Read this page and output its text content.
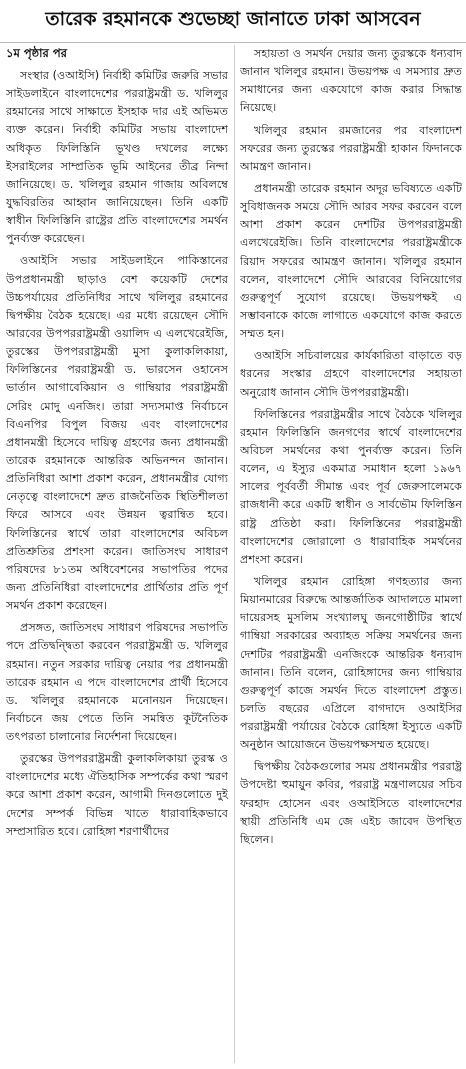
তারেক রহমানকে শুভেচ্ছা জানাতে ঢাকা আসবেন
১ম পৃষ্ঠার পর

সংস্থার (ওআইসি) নির্বাহী কমিটির জরুরি সভার সাইডলাইনে বাংলাদেশের পররাষ্ট্রমন্ত্রী ড. খলিলুর রহমানের সাথে সাক্ষাতে ইসহাক দার এই অভিমত ব্যক্ত করেন। নির্বাহী কমিটির সভায় বাংলাদেশ অধিকৃত ফিলিস্তিনি ভূখণ্ড দখলের লক্ষ্যে ইসরাইলের সাম্প্রতিক ভূমি আইনের তীব্র নিন্দা জানিয়েছে। ড. খলিলুর রহমান গাজায় অবিলম্বে যুদ্ধবিরতির আহ্বান জানিয়েছেন। তিনি একটি স্বাধীন ফিলিস্তিনি রাষ্ট্রের প্রতি বাংলাদেশের সমর্থন পুনর্ব্যক্ত করেছেন।

ওআইসি সভার সাইডলাইনে পাকিস্তানের উপপ্রধানমন্ত্রী ছাড়াও বেশ কয়েকটি দেশের উচ্চপর্যায়ের প্রতিনিধির সাথে খলিলুর রহমানের দ্বিপক্ষীয় বৈঠক হয়েছে। এর মধ্যে রয়েছেন সৌদি আরবের উপপররাষ্ট্রমন্ত্রী ওয়ালিদ এ এলখেরেইজি, তুরস্কের উপপররাষ্ট্রমন্ত্রী মুসা কুলাকলিকায়া, ফিলিস্তিনের পররাষ্ট্রমন্ত্রী ড. ভারসেন ওহানেস ভার্তান আগাবেকিয়ান ও গাম্বিয়ার পররাষ্ট্রমন্ত্রী সেরিং মোদু এনজিং। তারা সদ্যসমাপ্ত নির্বাচনে বিএনপির বিপুল বিজয় এবং বাংলাদেশের প্রধানমন্ত্রী হিসেবে দায়িত্ব গ্রহণের জন্য প্রধানমন্ত্রী তারেক রহমানকে আন্তরিক অভিনন্দন জানান। প্রতিনিধিরা আশা প্রকাশ করেন, প্রধানমন্ত্রীর যোগ্য নেতৃত্বে বাংলাদেশে দ্রুত রাজনৈতিক স্থিতিশীলতা ফিরে আসবে এবং উন্নয়ন ত্বরান্বিত হবে। ফিলিস্তিনের স্বার্থে তারা বাংলাদেশের অবিচল প্রতিশ্রুতির প্রশংসা করেন। জাতিসংঘ সাধারণ পরিষদের ৮১তম অধিবেশনের সভাপতির পদের জন্য প্রতিনিধিরা বাংলাদেশের প্রার্থিতার প্রতি পূর্ণ সমর্থন প্রকাশ করেছেন।

প্রসঙ্গত, জাতিসংঘ সাধারণ পরিষদের সভাপতি পদে প্রতিদ্বন্দ্বিতা করবেন পররাষ্ট্রমন্ত্রী ড. খলিলুর রহমান। নতুন সরকার দায়িত্ব নেয়ার পর প্রধানমন্ত্রী তারেক রহমান এ পদে বাংলাদেশের প্রার্থী হিসেবে ড. খলিলুর রহমানকে মনোনয়ন দিয়েছেন। নির্বাচনে জয় পেতে তিনি সমন্বিত কূটনৈতিক তৎপরতা চালানোর নির্দেশনা দিয়েছেন।

তুরস্কের উপপররাষ্ট্রমন্ত্রী কুলাকলিকায়া তুরস্ক ও বাংলাদেশের মধ্যে ঐতিহাসিক সম্পর্কের কথা স্মরণ করে আশা প্রকাশ করেন, আগামী দিনগুলোতে দুই দেশের সম্পর্ক বিভিন্ন খাতে ধারাবাহিকভাবে সম্প্রসারিত হবে। রোহিঙ্গা শরণার্থীদের

সহায়তা ও সমর্থন দেয়ার জন্য তুরস্ককে ধন্যবাদ জানান খলিলুর রহমান। উভয়পক্ষ এ সমস্যার দ্রুত সমাধানের জন্য একযোগে কাজ করার সিদ্ধান্ত নিয়েছে।

খলিলুর রহমান রমজানের পর বাংলাদেশ সফরের জন্য তুরস্কের পররাষ্ট্রমন্ত্রী হাকান ফিদানকে আমন্ত্রণ জানান।

প্রধানমন্ত্রী তারেক রহমান অদূর ভবিষ্যতে একটি সুবিধাজনক সময়ে সৌদি আরব সফর করবেন বলে আশা প্রকাশ করেন দেশটির উপপররাষ্ট্রমন্ত্রী এলখেরেইজি। তিনি বাংলাদেশের পররাষ্ট্রমন্ত্রীকে রিয়াদ সফরের আমন্ত্রণ জানান। খলিলুর রহমান বলেন, বাংলাদেশে সৌদি আরবের বিনিয়োগের গুরুত্বপূর্ণ সুযোগ রয়েছে। উভয়পক্ষই এ সম্ভাবনাকে কাজে লাগাতে একযোগে কাজ করতে সম্মত হন।

ওআইসি সচিবালয়ের কার্যকারিতা বাড়াতে বড় ধরনের সংস্কার গ্রহণে বাংলাদেশের সহায়তা অনুরোধ জানান সৌদি উপপররাষ্ট্রমন্ত্রী।

ফিলিস্তিনের পররাষ্ট্রমন্ত্রীর সাথে বৈঠকে খলিলুর রহমান ফিলিস্তিনি জনগণের স্বার্থে বাংলাদেশের অবিচল সমর্থনের কথা পুনর্ব্যক্ত করেন। তিনি বলেন, এ ইস্যুর একমাত্র সমাধান হলো ১৯৬৭ সালের পূর্ববর্তী সীমান্ত এবং পূর্ব জেরুসালেমকে রাজধানী করে একটি স্বাধীন ও সার্বভৌম ফিলিস্তিন রাষ্ট্র প্রতিষ্ঠা করা। ফিলিস্তিনের পররাষ্ট্রমন্ত্রী বাংলাদেশের জোরালো ও ধারাবাহিক সমর্থনের প্রশংসা করেন।

খলিলুর রহমান রোহিঙ্গা গণহত্যার জন্য মিয়ানমারের বিরুদ্ধে আন্তর্জাতিক আদালতে মামলা দায়েরসহ মুসলিম সংখ্যালঘু জনগোষ্ঠীটির স্বার্থে গাম্বিয়া সরকারের অব্যাহত সক্রিয় সমর্থনের জন্য দেশটির পররাষ্ট্রমন্ত্রী এনজিংকে আন্তরিক ধন্যবাদ জানান। তিনি বলেন, রোহিঙ্গাদের জন্য গাম্বিয়ার গুরুত্বপূর্ণ কাজে সমর্থন দিতে বাংলাদেশ প্রস্তুত। চলতি বছরের এপ্রিলে বাগদাদে ওআইসির পররাষ্ট্রমন্ত্রী পর্যায়ের বৈঠকে রোহিঙ্গা ইস্যুতে একটি অনুষ্ঠান আয়োজনে উভয়পক্ষসম্মত হয়েছে।

দ্বিপক্ষীয় বৈঠকগুলোর সময় প্রধানমন্ত্রীর পররাষ্ট্র উপদেষ্টা হুমায়ুন কবির, পররাষ্ট্র মন্ত্রণালয়ের সচিব ফরহাদ হোসেন এবং ওআইসিতে বাংলাদেশের স্থায়ী প্রতিনিধি এম জে এইচ জাবেদ উপস্থিত ছিলেন।
